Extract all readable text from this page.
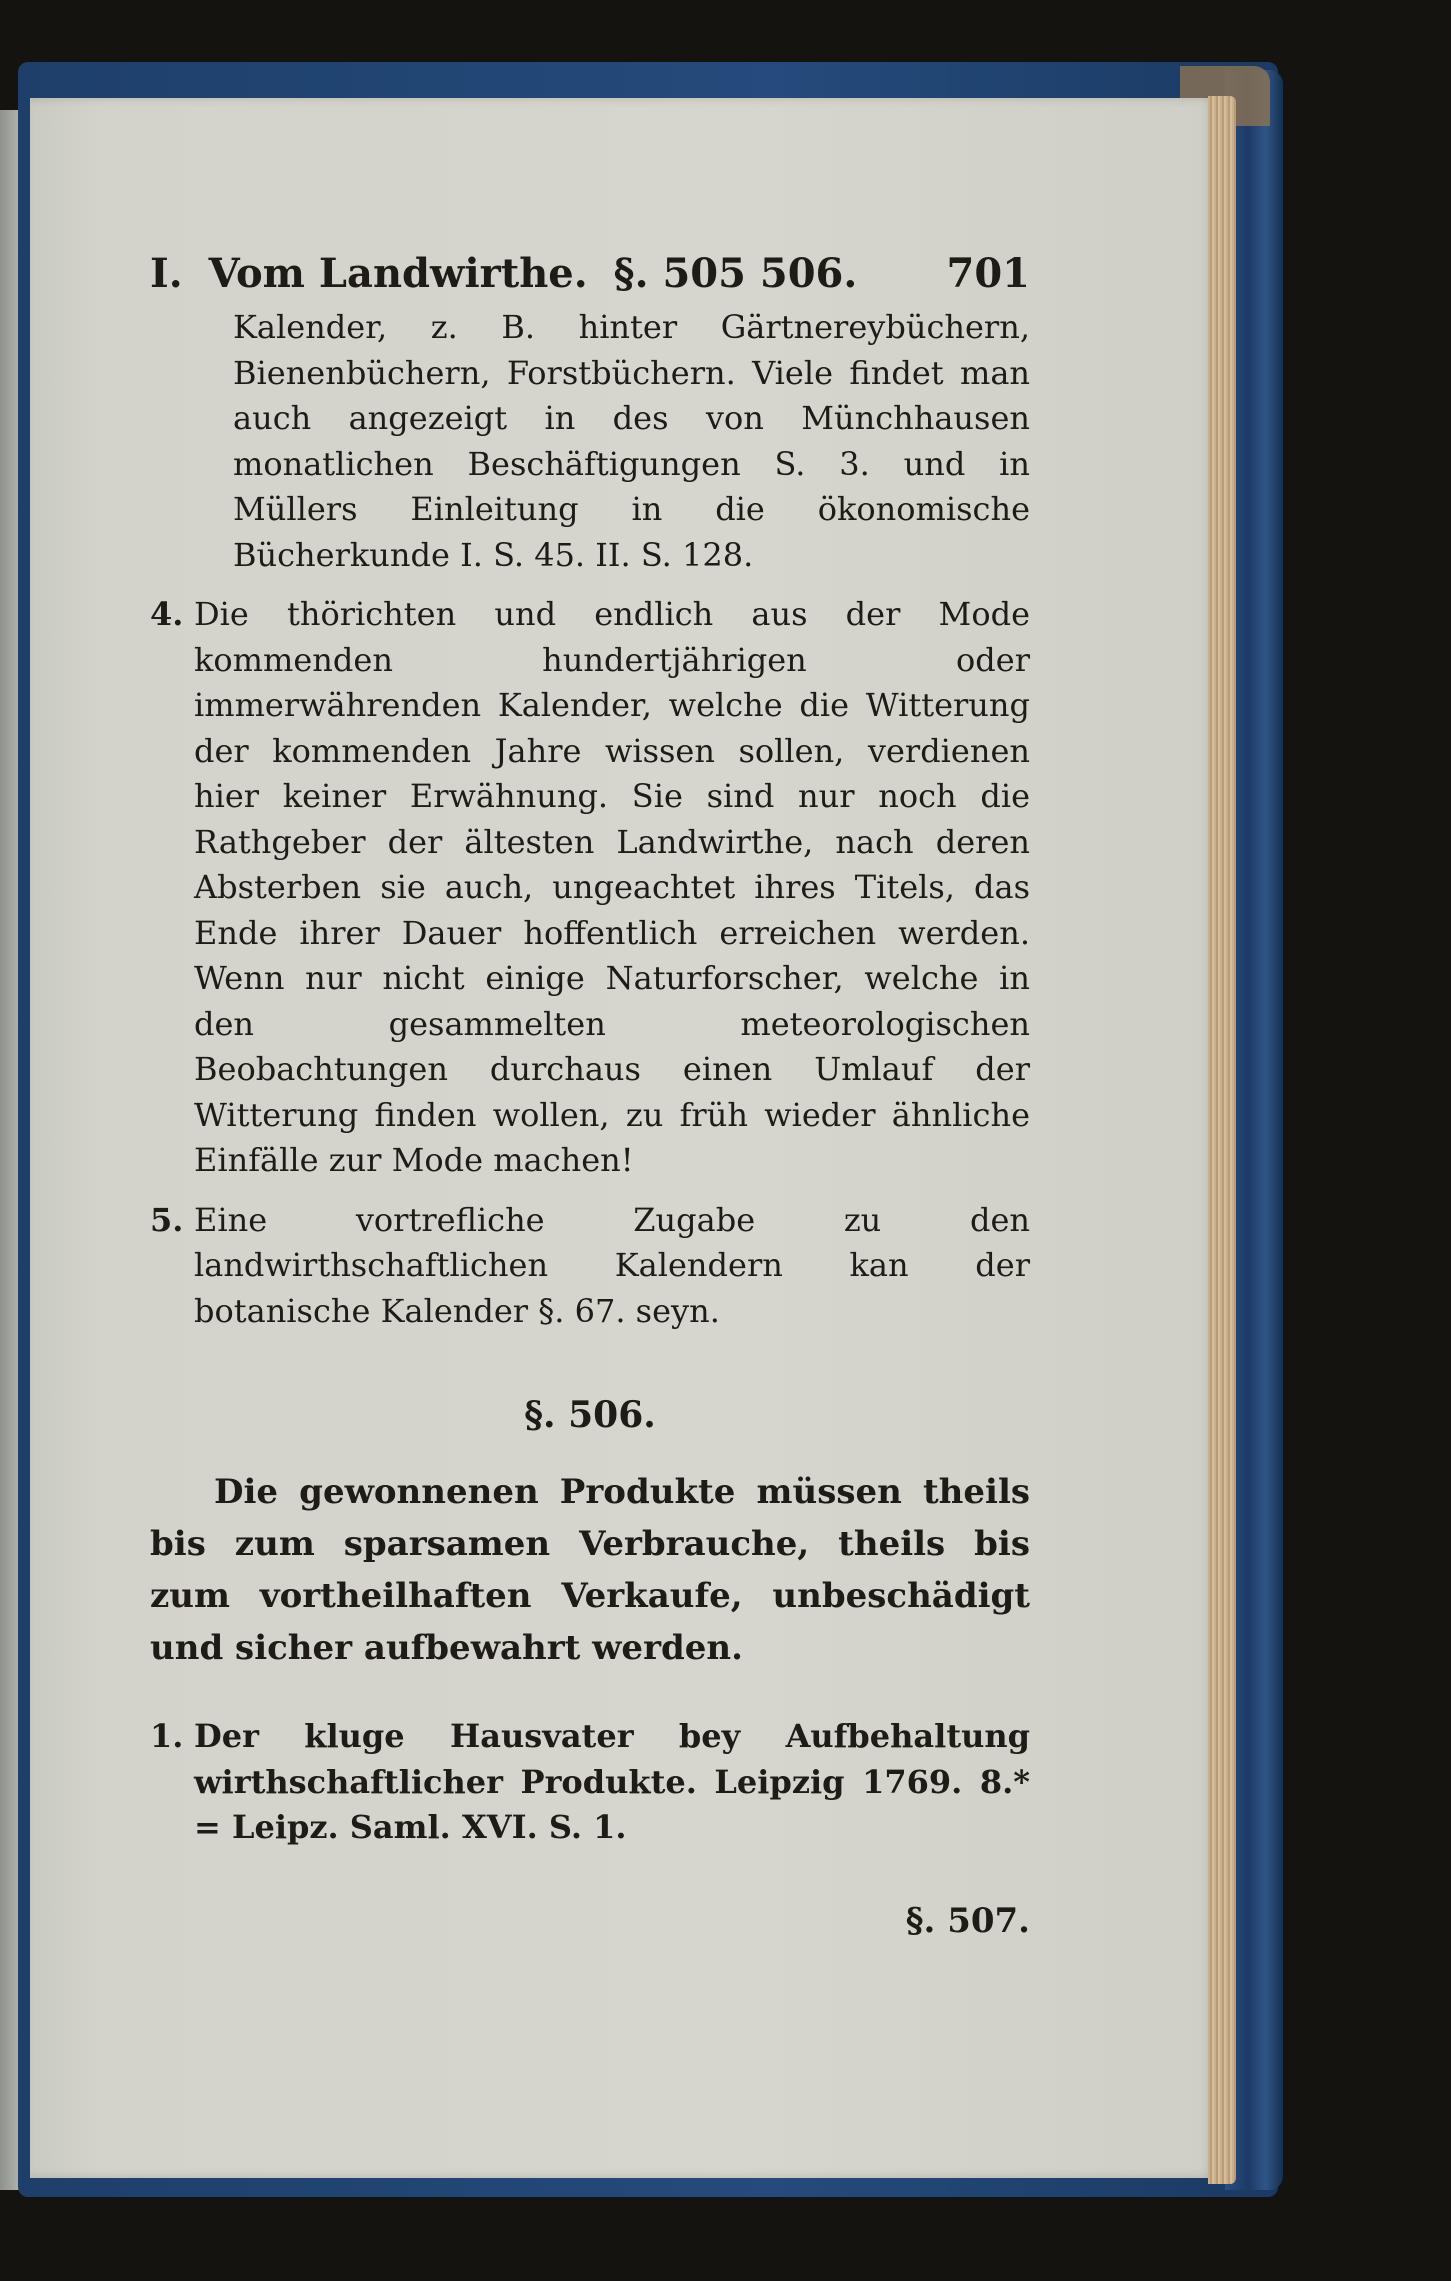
I. Vom Landwirthe. §. 505 506. 701

Kalender, z. B. hinter Gärtnereybüchern, Bienenbüchern, Forstbüchern. Viele findet man auch angezeigt in des von Münchhausen monatlichen Beschäftigungen S. 3. und in Müllers Einleitung in die ökonomische Bücherkunde I. S. 45. II. S. 128.

4. Die thörichten und endlich aus der Mode kommenden hundertjährigen oder immerwährenden Kalender, welche die Witterung der kommenden Jahre wissen sollen, verdienen hier keiner Erwähnung. Sie sind nur noch die Rathgeber der ältesten Landwirthe, nach deren Absterben sie auch, ungeachtet ihres Titels, das Ende ihrer Dauer hoffentlich erreichen werden. Wenn nur nicht einige Naturforscher, welche in den gesammelten meteorologischen Beobachtungen durchaus einen Umlauf der Witterung finden wollen, zu früh wieder ähnliche Einfälle zur Mode machen!

5. Eine vortrefliche Zugabe zu den landwirthschaftlichen Kalendern kan der botanische Kalender §. 67. seyn.

§. 506.

Die gewonnenen Produkte müssen theils bis zum sparsamen Verbrauche, theils bis zum vortheilhaften Verkaufe, unbeschädigt und sicher aufbewahrt werden.

1. Der kluge Hausvater bey Aufbehaltung wirthschaftlicher Produkte. Leipzig 1769. 8.* = Leipz. Saml. XVI. S. 1.

§. 507.
